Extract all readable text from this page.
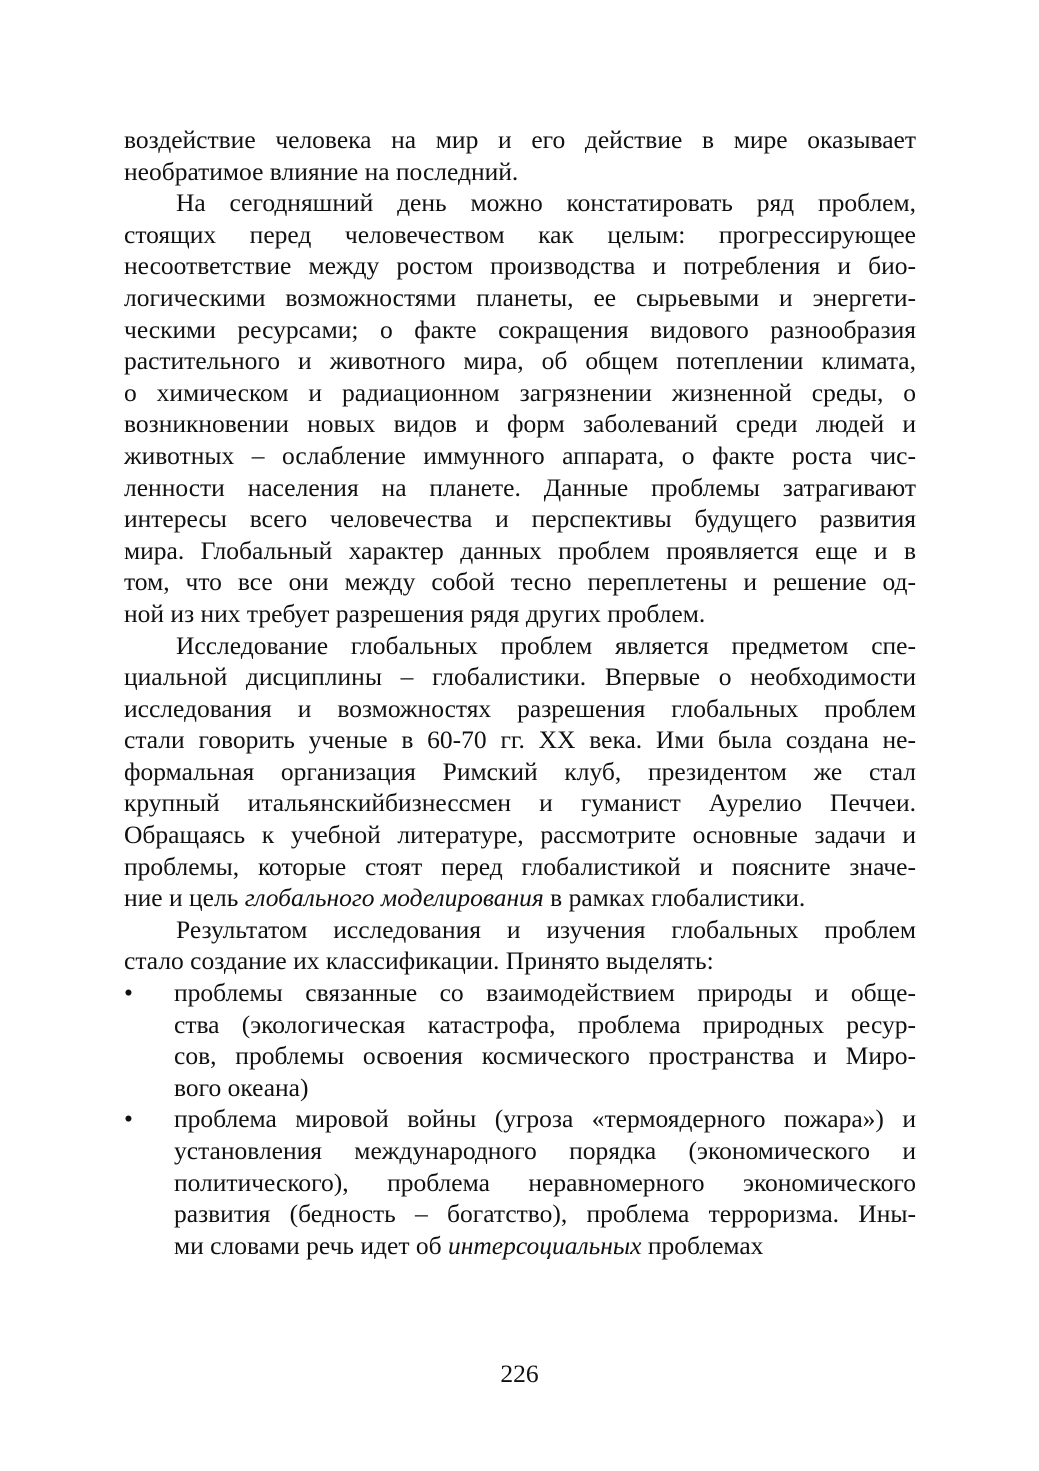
воздействие человека на мир и его действие в мире оказывает
необратимое влияние на последний.
На сегодняшний день можно констатировать ряд проблем,
стоящих перед человечеством как целым: прогрессирующее
несоответствие между ростом производства и потребления и био-
логическими возможностями планеты, ее сырьевыми и энергети-
ческими ресурсами; о факте сокращения видового разнообразия
растительного и животного мира, об общем потеплении климата,
о химическом и радиационном загрязнении жизненной среды, о
возникновении новых видов и форм заболеваний среди людей и
животных – ослабление иммунного аппарата, о факте роста чис-
ленности населения на планете. Данные проблемы затрагивают
интересы всего человечества и перспективы будущего развития
мира. Глобальный характер данных проблем проявляется еще и в
том, что все они между собой тесно переплетены и решение од-
ной из них требует разрешения рядя других проблем.
Исследование глобальных проблем является предметом спе-
циальной дисциплины – глобалистики. Впервые о необходимости
исследования и возможностях разрешения глобальных проблем
стали говорить ученые в 60-70 гг. XX века. Ими была создана не-
формальная организация Римский клуб, президентом же стал
крупный итальянскийбизнессмен и гуманист Аурелио Печчеи.
Обращаясь к учебной литературе, рассмотрите основные задачи и
проблемы, которые стоят перед глобалистикой и поясните значе-
ние и цель глобального моделирования в рамках глобалистики.
Результатом исследования и изучения глобальных проблем
стало создание их классификации. Принято выделять:
• проблемы связанные со взаимодействием природы и обще-
ства (экологическая катастрофа, проблема природных ресур-
сов, проблемы освоения космического пространства и Миро-
вого океана)
• проблема мировой войны (угроза «термоядерного пожара») и
установления международного порядка (экономического и
политического), проблема неравномерного экономического
развития (бедность – богатство), проблема терроризма. Ины-
ми словами речь идет об интерсоциальных проблемах
226
